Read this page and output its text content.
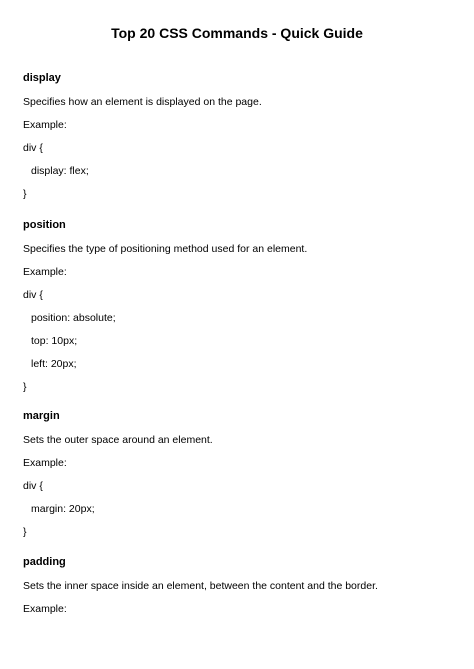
Top 20 CSS Commands - Quick Guide
display
Specifies how an element is displayed on the page.
Example:
div {
display: flex;
}
position
Specifies the type of positioning method used for an element.
Example:
div {
position: absolute;
top: 10px;
left: 20px;
}
margin
Sets the outer space around an element.
Example:
div {
margin: 20px;
}
padding
Sets the inner space inside an element, between the content and the border.
Example:
